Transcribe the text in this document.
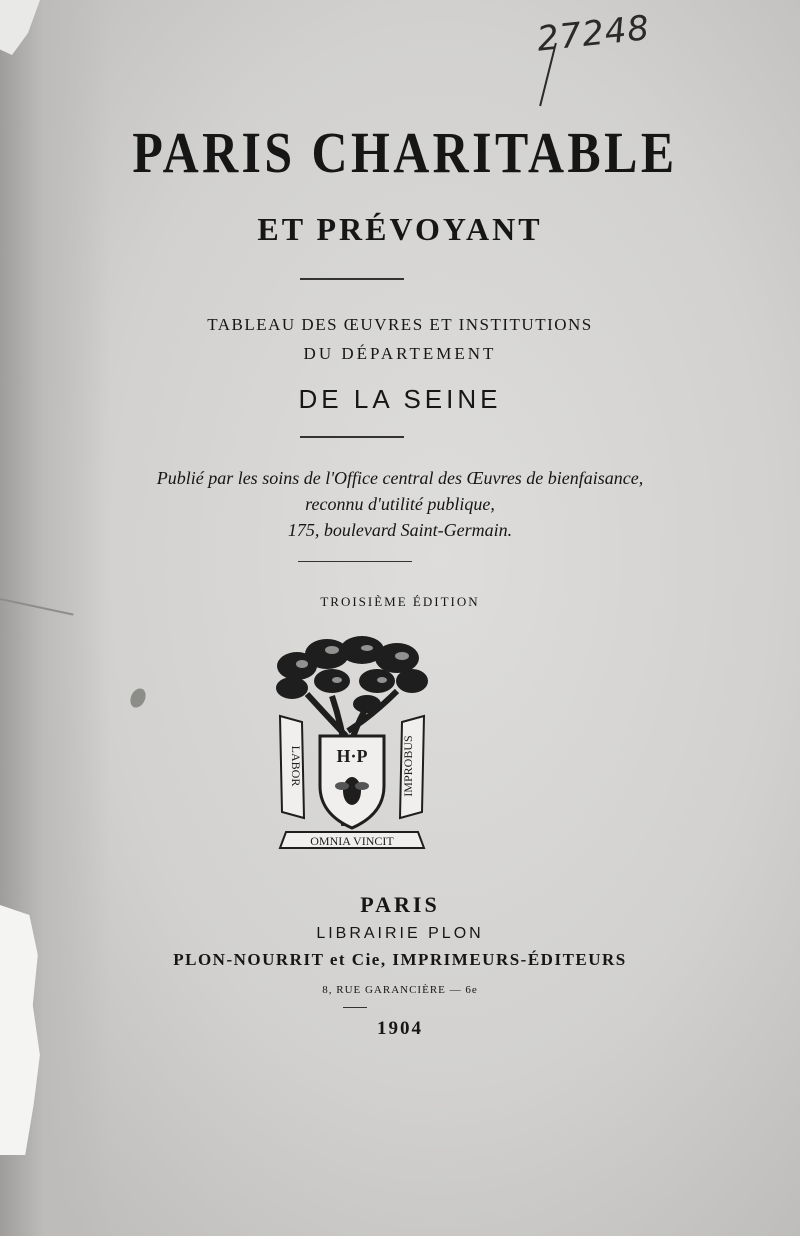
27248
PARIS CHARITABLE
ET PRÉVOYANT

TABLEAU DES ŒUVRES ET INSTITUTIONS

DU DÉPARTEMENT

DE LA SEINE

Publié par les soins de l'Office central des Œuvres de bienfaisance,

reconnu d'utilité publique,

175, boulevard Saint-Germain.

TROISIÈME ÉDITION

LABOR	IMPROBUS
H·P
OMNIA VINCIT

PARIS

LIBRAIRIE PLON

PLON-NOURRIT et Cie, IMPRIMEURS-ÉDITEURS

8, RUE GARANCIÈRE — 6e

1904
